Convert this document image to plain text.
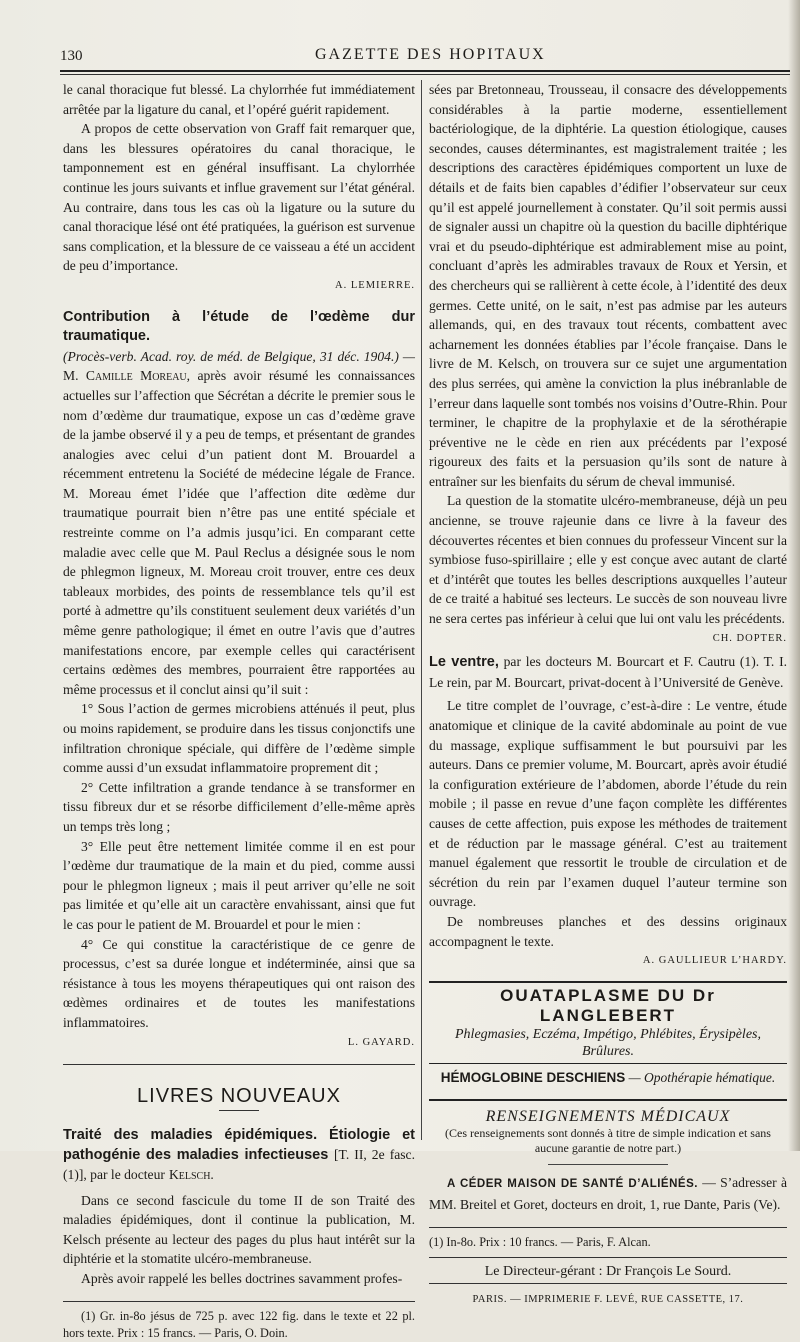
130	GAZETTE DES HOPITAUX

le canal thoracique fut blessé. La chylorrhée fut immédiatement arrêtée par la ligature du canal, et l’opéré guérit rapidement.

A propos de cette observation von Graff fait remarquer que, dans les blessures opératoires du canal thoracique, le tamponnement est en général insuffisant. La chylorrhée continue les jours suivants et influe gravement sur l’état général. Au contraire, dans tous les cas où la ligature ou la suture du canal thoracique lésé ont été pratiquées, la guérison est survenue sans complication, et la blessure de ce vaisseau a été un accident de peu d’importance.

A. LEMIERRE.

Contribution à l’étude de l’œdème dur traumatique.

(Procès-verb. Acad. roy. de méd. de Belgique, 31 déc. 1904.) — M. Camille Moreau, après avoir résumé les connaissances actuelles sur l’affection que Sécrétan a décrite le premier sous le nom d’œdème dur traumatique, expose un cas d’œdème grave de la jambe observé il y a peu de temps, et présentant de grandes analogies avec celui d’un patient dont M. Brouardel a récemment entretenu la Société de médecine légale de France. M. Moreau émet l’idée que l’affection dite œdème dur traumatique pourrait bien n’être pas une entité spéciale et restreinte comme on l’a admis jusqu’ici. En comparant cette maladie avec celle que M. Paul Reclus a désignée sous le nom de phlegmon ligneux, M. Moreau croit trouver, entre ces deux tableaux morbides, des points de ressemblance tels qu’il est porté à admettre qu’ils constituent seulement deux variétés d’un même genre pathologique; il émet en outre l’avis que d’autres manifestations encore, par exemple celles qui caractérisent certains œdèmes des membres, pourraient être rapportées au même processus et il conclut ainsi qu’il suit :

1° Sous l’action de germes microbiens atténués il peut, plus ou moins rapidement, se produire dans les tissus conjonctifs une infiltration chronique spéciale, qui diffère de l’œdème simple comme aussi d’un exsudat inflammatoire proprement dit ;

2° Cette infiltration a grande tendance à se transformer en tissu fibreux dur et se résorbe difficilement d’elle-même après un temps très long ;

3° Elle peut être nettement limitée comme il en est pour l’œdème dur traumatique de la main et du pied, comme aussi pour le phlegmon ligneux ; mais il peut arriver qu’elle ne soit pas limitée et qu’elle ait un caractère envahissant, ainsi que fut le cas pour le patient de M. Brouardel et pour le mien :

4° Ce qui constitue la caractéristique de ce genre de processus, c’est sa durée longue et indéterminée, ainsi que sa résistance à tous les moyens thérapeutiques qui ont raison des œdèmes ordinaires et de toutes les manifestations inflammatoires.

L. GAYARD.

LIVRES NOUVEAUX

Traité des maladies épidémiques. Étiologie et pathogénie des maladies infectieuses [T. II, 2e fasc. (1)], par le docteur Kelsch.

Dans ce second fascicule du tome II de son Traité des maladies épidémiques, dont il continue la publication, M. Kelsch présente au lecteur des pages du plus haut intérêt sur la diphtérie et la stomatite ulcéro-membraneuse.

Après avoir rappelé les belles doctrines savamment profes-

(1) Gr. in-8o jésus de 725 p. avec 122 fig. dans le texte et 22 pl. hors texte. Prix : 15 francs. — Paris, O. Doin.

sées par Bretonneau, Trousseau, il consacre des développements considérables à la partie moderne, essentiellement bactériologique, de la diphtérie. La question étiologique, causes secondes, causes déterminantes, est magistralement traitée ; les descriptions des caractères épidémiques comportent un luxe de détails et de faits bien capables d’édifier l’observateur sur ceux qu’il est appelé journellement à constater. Qu’il soit permis aussi de signaler aussi un chapitre où la question du bacille diphtérique vrai et du pseudo-diphtérique est admirablement mise au point, concluant d’après les admirables travaux de Roux et Yersin, et des chercheurs qui se rallièrent à cette école, à l’identité des deux germes. Cette unité, on le sait, n’est pas admise par les auteurs allemands, qui, en des travaux tout récents, combattent avec acharnement les données établies par l’école française. Dans le livre de M. Kelsch, on trouvera sur ce sujet une argumentation des plus serrées, qui amène la conviction la plus inébranlable de l’erreur dans laquelle sont tombés nos voisins d’Outre-Rhin. Pour terminer, le chapitre de la prophylaxie et de la sérothérapie préventive ne le cède en rien aux précédents par l’exposé rigoureux des faits et la persuasion qu’ils sont de nature à entraîner sur les bienfaits du sérum de cheval immunisé.

La question de la stomatite ulcéro-membraneuse, déjà un peu ancienne, se trouve rajeunie dans ce livre à la faveur des découvertes récentes et bien connues du professeur Vincent sur la symbiose fuso-spirillaire ; elle y est conçue avec autant de clarté et d’intérêt que toutes les belles descriptions auxquelles l’auteur de ce traité a habitué ses lecteurs. Le succès de son nouveau livre ne sera certes pas inférieur à celui que lui ont valu les précédents.

CH. DOPTER.

Le ventre, par les docteurs M. Bourcart et F. Cautru (1). T. I. Le rein, par M. Bourcart, privat-docent à l’Université de Genève.

Le titre complet de l’ouvrage, c’est-à-dire : Le ventre, étude anatomique et clinique de la cavité abdominale au point de vue du massage, explique suffisamment le but poursuivi par les auteurs. Dans ce premier volume, M. Bourcart, après avoir étudié la configuration extérieure de l’abdomen, aborde l’étude du rein mobile ; il passe en revue d’une façon complète les différentes causes de cette affection, puis expose les méthodes de traitement et de réduction par le massage général. C’est au traitement manuel également que ressortit le trouble de circulation et de sécrétion du rein par l’examen duquel l’auteur termine son ouvrage.

De nombreuses planches et des dessins originaux accompagnent le texte.

A. GAULLIEUR L’HARDY.

OUATAPLASME DU Dr LANGLEBERT

Phlegmasies, Eczéma, Impétigo, Phlébites, Érysipèles, Brûlures.

HÉMOGLOBINE DESCHIENS — Opothérapie hématique.

RENSEIGNEMENTS MÉDICAUX

(Ces renseignements sont donnés à titre de simple indication et sans aucune garantie de notre part.)

A CÉDER MAISON DE SANTÉ D’ALIÉNÉS. — S’adresser à MM. Breitel et Goret, docteurs en droit, 1, rue Dante, Paris (Ve).

(1) In-8o. Prix : 10 francs. — Paris, F. Alcan.

Le Directeur-gérant : Dr François Le Sourd.

PARIS. — IMPRIMERIE F. LEVÉ, RUE CASSETTE, 17.
